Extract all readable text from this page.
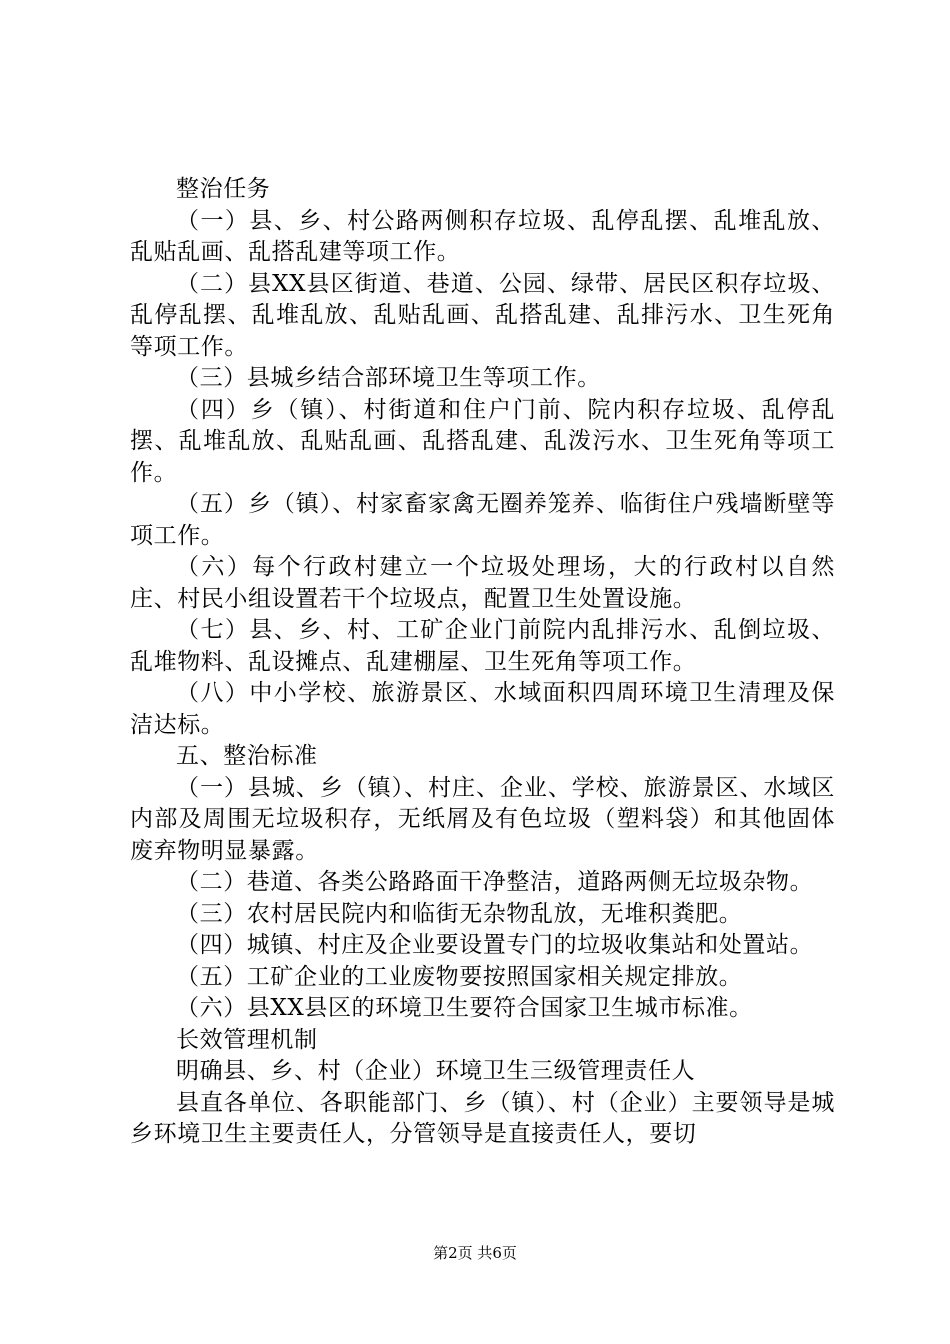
整治任务

（一）县、乡、村公路两侧积存垃圾、乱停乱摆、乱堆乱放、乱贴乱画、乱搭乱建等项工作。

（二）县XX县区街道、巷道、公园、绿带、居民区积存垃圾、乱停乱摆、乱堆乱放、乱贴乱画、乱搭乱建、乱排污水、卫生死角等项工作。

（三）县城乡结合部环境卫生等项工作。

（四）乡（镇）、村街道和住户门前、院内积存垃圾、乱停乱摆、乱堆乱放、乱贴乱画、乱搭乱建、乱泼污水、卫生死角等项工作。

（五）乡（镇）、村家畜家禽无圈养笼养、临街住户残墙断壁等项工作。

（六）每个行政村建立一个垃圾处理场，大的行政村以自然庄、村民小组设置若干个垃圾点，配置卫生处置设施。

（七）县、乡、村、工矿企业门前院内乱排污水、乱倒垃圾、乱堆物料、乱设摊点、乱建棚屋、卫生死角等项工作。

（八）中小学校、旅游景区、水域面积四周环境卫生清理及保洁达标。

五、整治标准

（一）县城、乡（镇）、村庄、企业、学校、旅游景区、水域区内部及周围无垃圾积存，无纸屑及有色垃圾（塑料袋）和其他固体废弃物明显暴露。

（二）巷道、各类公路路面干净整洁，道路两侧无垃圾杂物。

（三）农村居民院内和临街无杂物乱放，无堆积粪肥。

（四）城镇、村庄及企业要设置专门的垃圾收集站和处置站。

（五）工矿企业的工业废物要按照国家相关规定排放。

（六）县XX县区的环境卫生要符合国家卫生城市标准。

长效管理机制

明确县、乡、村（企业）环境卫生三级管理责任人

县直各单位、各职能部门、乡（镇）、村（企业）主要领导是城乡环境卫生主要责任人，分管领导是直接责任人，要切

第2页 共6页
